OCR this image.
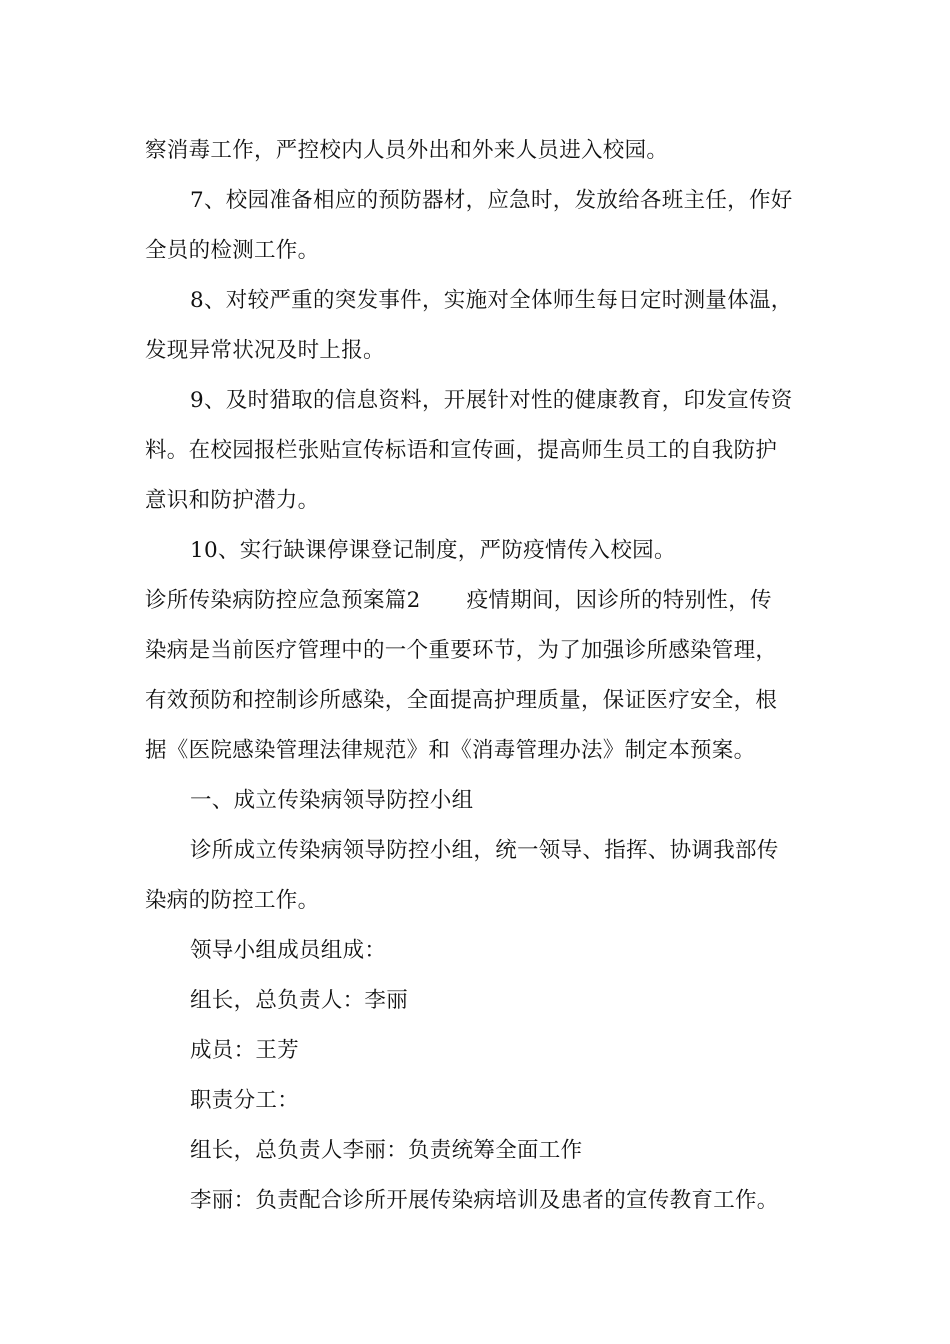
察消毒工作，严控校内人员外出和外来人员进入校园。
7、校园准备相应的预防器材，应急时，发放给各班主任，作好
全员的检测工作。
8、对较严重的突发事件，实施对全体师生每日定时测量体温，
发现异常状况及时上报。
9、及时猎取的信息资料，开展针对性的健康教育，印发宣传资
料。在校园报栏张贴宣传标语和宣传画，提高师生员工的自我防护
意识和防护潜力。
10、实行缺课停课登记制度，严防疫情传入校园。
诊所传染病防控应急预案篇2 疫情期间，因诊所的特别性，传
染病是当前医疗管理中的一个重要环节，为了加强诊所感染管理，
有效预防和控制诊所感染，全面提高护理质量，保证医疗安全，根
据《医院感染管理法律规范》和《消毒管理办法》制定本预案。
一、成立传染病领导防控小组
诊所成立传染病领导防控小组，统一领导、指挥、协调我部传
染病的防控工作。
领导小组成员组成：
组长，总负责人：李丽
成员：王芳
职责分工：
组长，总负责人李丽：负责统筹全面工作
李丽：负责配合诊所开展传染病培训及患者的宣传教育工作。
